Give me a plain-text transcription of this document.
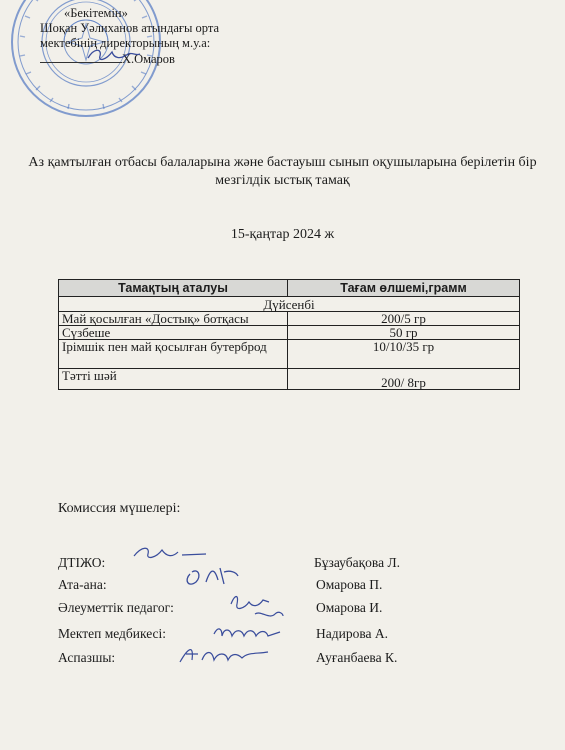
«Бекітемін»
Шоқан Уәлиханов атындағы орта
мектебінің директорының м.у.а:
Х.Омаров
Аз қамтылған отбасы балаларына және бастауыш сынып оқушыларына берілетін бір мезгілдік ыстық тамақ
15-қаңтар 2024 ж
Тамақтың аталуы	Тағам өлшемі,грамм
Дүйсенбі	
Май қосылған «Достық» ботқасы	200/5 гр
Сүзбеше	50 гр
Ірімшік пен май қосылған бутерброд	10/10/35 гр
Тәтті шәй	200/ 8гр
Комиссия мүшелері:
ДТІЖО:	Бұзаубақова Л.
Ата-ана:	Омарова П.
Әлеуметтік педагог:	Омарова И.
Мектеп медбикесі:	Надирова А.
Аспазшы:	Ауғанбаева К.
